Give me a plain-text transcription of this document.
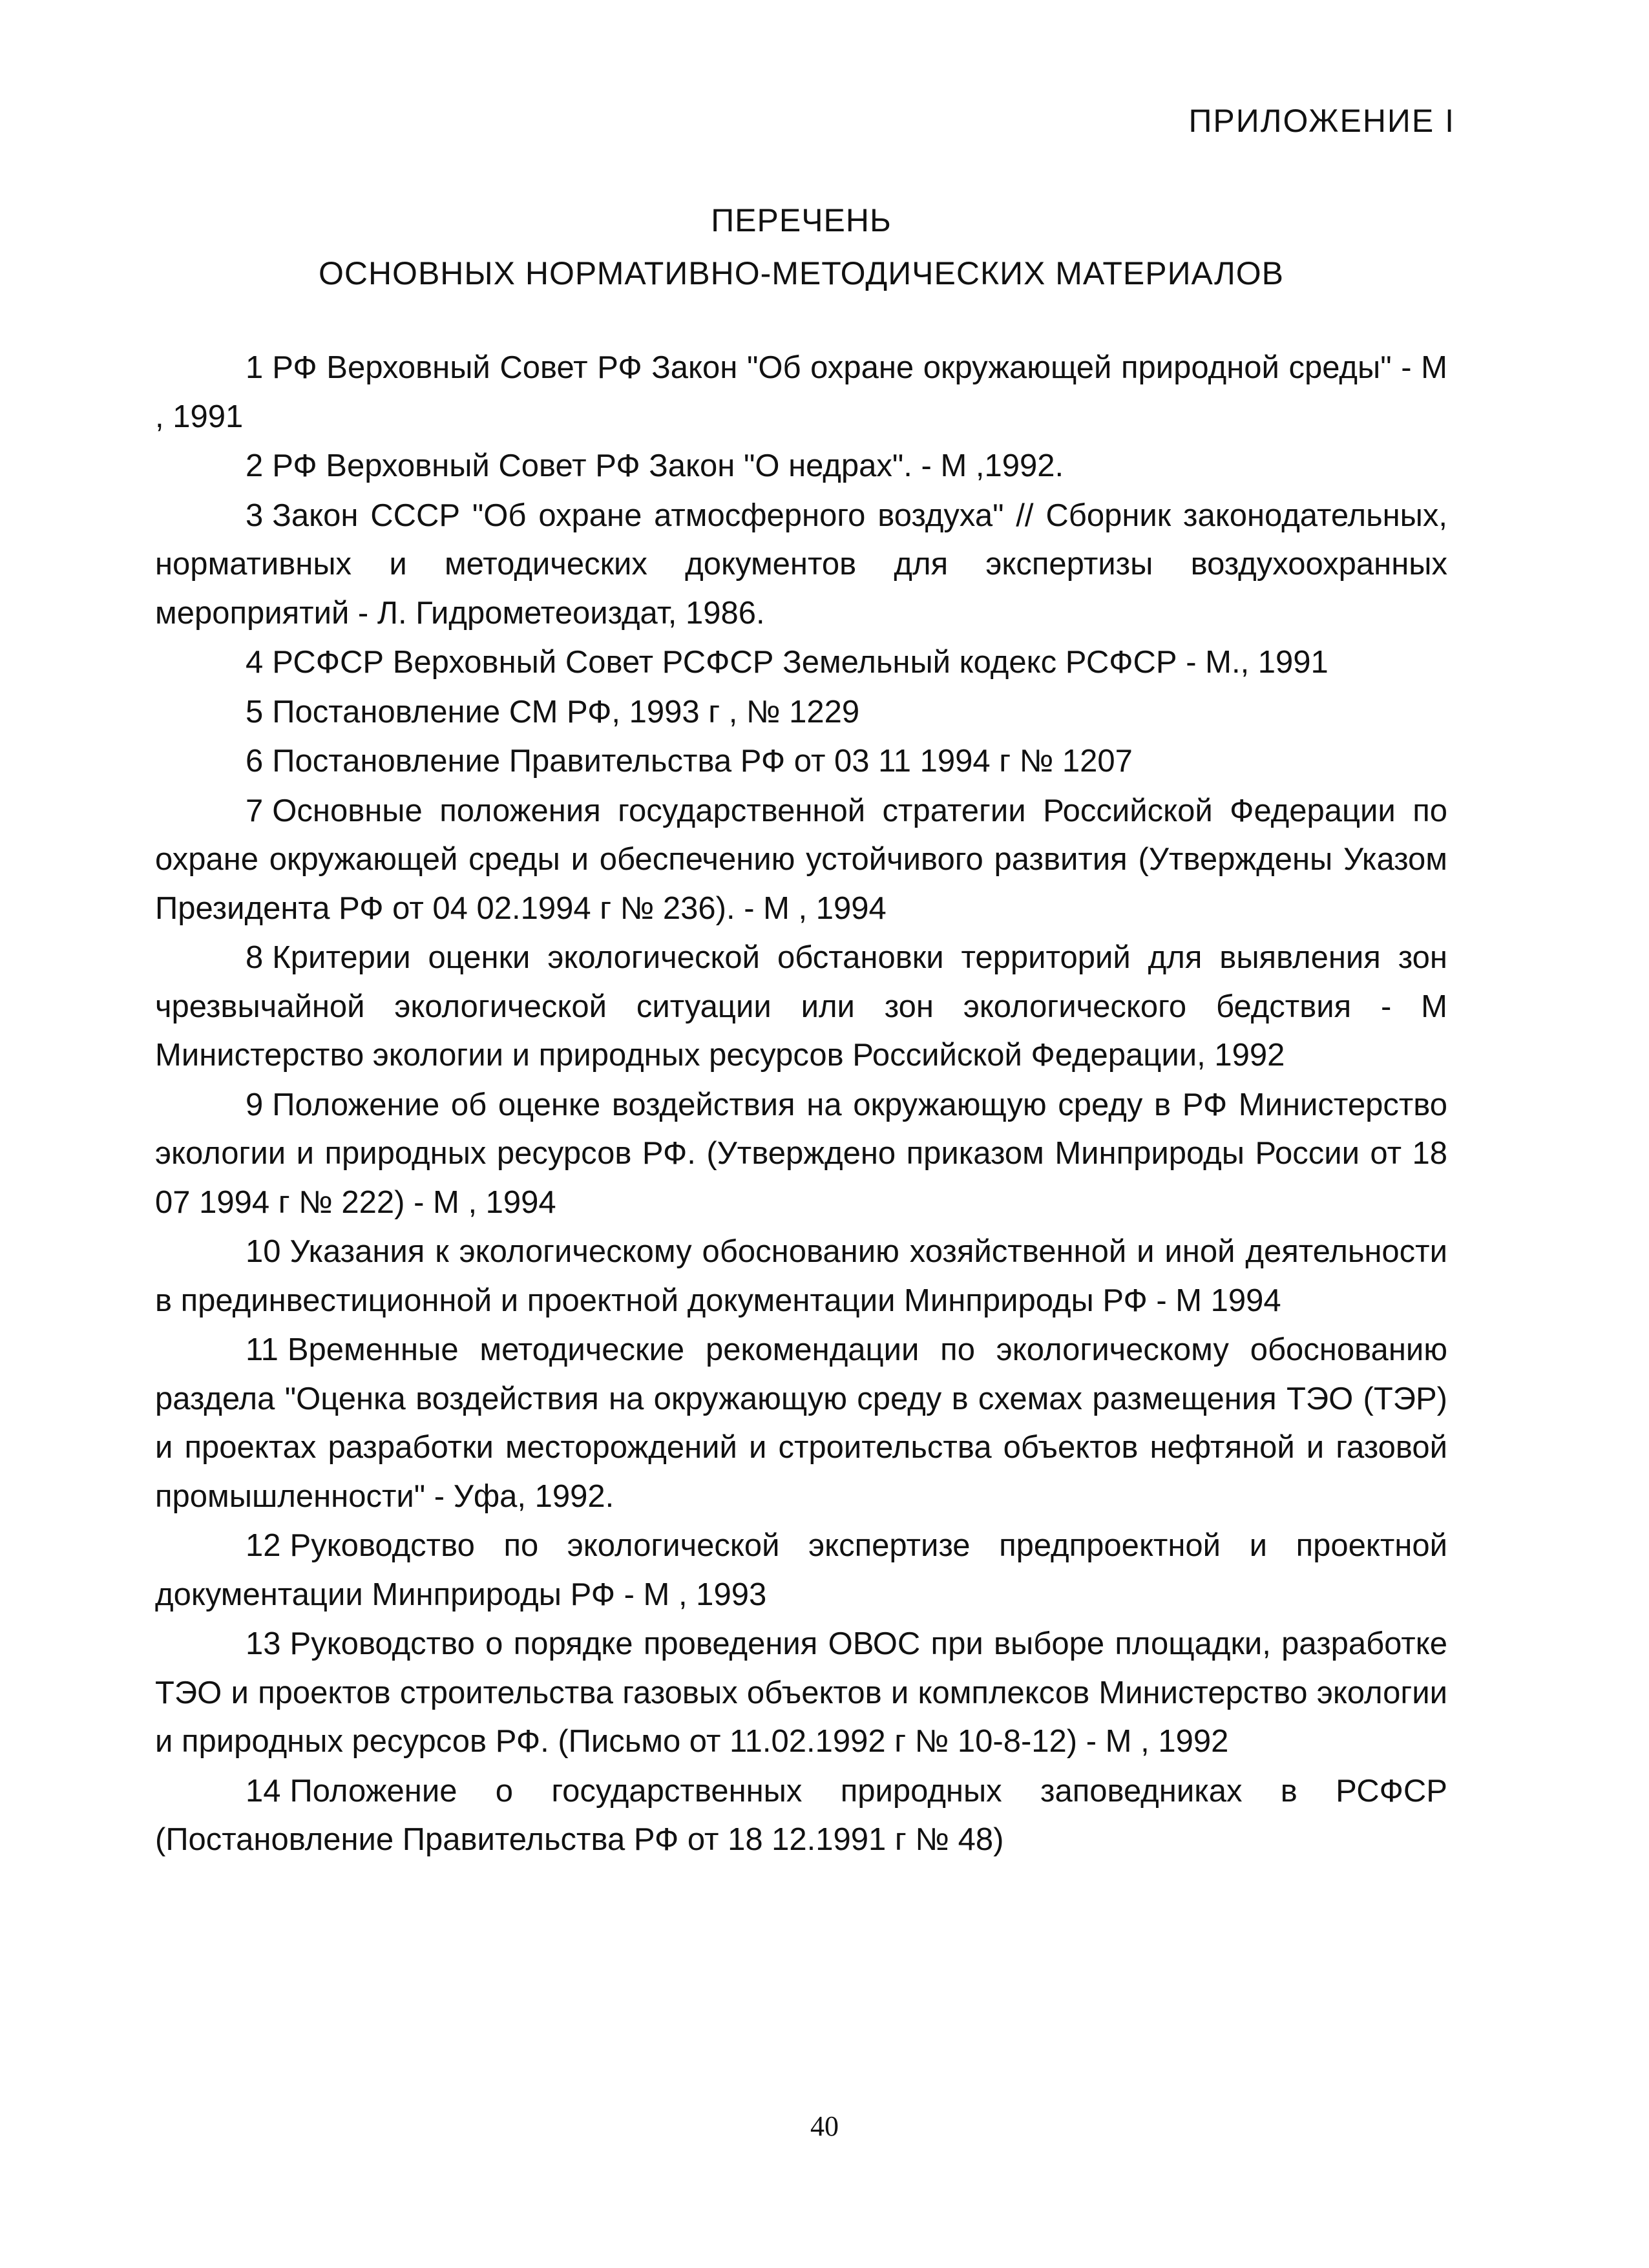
ПРИЛОЖЕНИЕ I
ПЕРЕЧЕНЬ
ОСНОВНЫХ НОРМАТИВНО-МЕТОДИЧЕСКИХ МАТЕРИАЛОВ

1 РФ Верховный Совет РФ Закон "Об охране окружающей природной среды" - М , 1991

2 РФ Верховный Совет РФ Закон "О недрах". - М ,1992.

3 Закон СССР "Об охране атмосферного воздуха" // Сборник законодательных, нормативных и методических документов для экспертизы воздухоохранных мероприятий - Л. Гидрометеоиздат, 1986.

4 РСФСР Верховный Совет РСФСР Земельный кодекс РСФСР - М., 1991

5 Постановление СМ РФ, 1993 г , № 1229

6 Постановление Правительства РФ от 03 11 1994 г № 1207

7 Основные положения государственной стратегии Российской Федерации по охране окружающей среды и обеспечению устойчивого развития (Утверждены Указом Президента РФ от 04 02.1994 г № 236). - М , 1994

8 Критерии оценки экологической обстановки территорий для выявления зон чрезвычайной экологической ситуации или зон экологического бедствия - М Министерство экологии и природных ресурсов Российской Федерации, 1992

9 Положение об оценке воздействия на окружающую среду в РФ Министерство экологии и природных ресурсов РФ. (Утверждено приказом Минприроды России от 18 07 1994 г № 222) - М , 1994

10 Указания к экологическому обоснованию хозяйственной и иной деятельности в прединвестиционной и проектной документации Минприроды РФ - М 1994

11 Временные методические рекомендации по экологическому обоснованию раздела "Оценка воздействия на окружающую среду в схемах размещения ТЭО (ТЭР) и проектах разработки месторождений и строительства объектов нефтяной и газовой промышленности" - Уфа, 1992.

12 Руководство по экологической экспертизе предпроектной и проектной документации Минприроды РФ - М , 1993

13 Руководство о порядке проведения ОВОС при выборе площадки, разработке ТЭО и проектов строительства газовых объектов и комплексов Министерство экологии и природных ресурсов РФ. (Письмо от 11.02.1992 г № 10-8-12) - М , 1992

14 Положение о государственных природных заповедниках в РСФСР (Постановление Правительства РФ от 18 12.1991 г № 48)

40
